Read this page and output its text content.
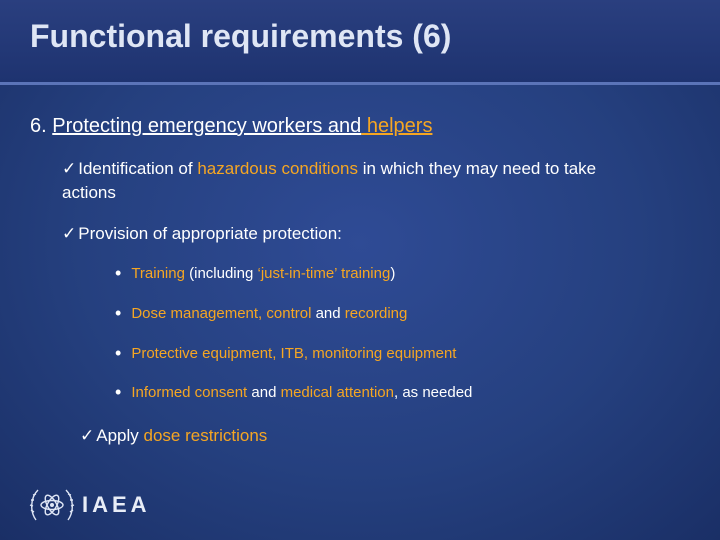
Functional requirements (6)
6. Protecting emergency workers and helpers
✓ Identification of hazardous conditions in which they may need to take
actions
✓ Provision of appropriate protection:
• Training (including ‘just-in-time’ training)
• Dose management, control and recording
• Protective equipment, ITB, monitoring equipment
• Informed consent and medical attention, as needed
✓ Apply dose restrictions
IAEA
